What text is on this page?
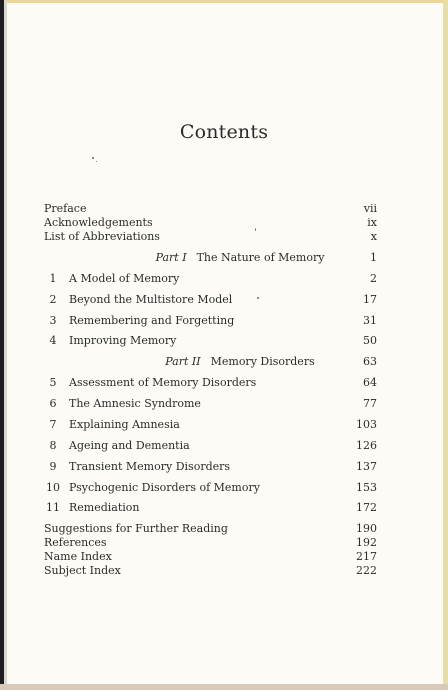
Contents
Preface	vii
Acknowledgements	ix
List of Abbreviations	x
Part I The Nature of Memory	1
1	A Model of Memory	2
2	Beyond the Multistore Model	17
3	Remembering and Forgetting	31
4	Improving Memory	50
Part II Memory Disorders	63
5	Assessment of Memory Disorders	64
6	The Amnesic Syndrome	77
7	Explaining Amnesia	103
8	Ageing and Dementia	126
9	Transient Memory Disorders	137
10 Psychogenic Disorders of Memory	153
11 Remediation	172
Suggestions for Further Reading	190
References	192
Name Index	217
Subject Index	222
